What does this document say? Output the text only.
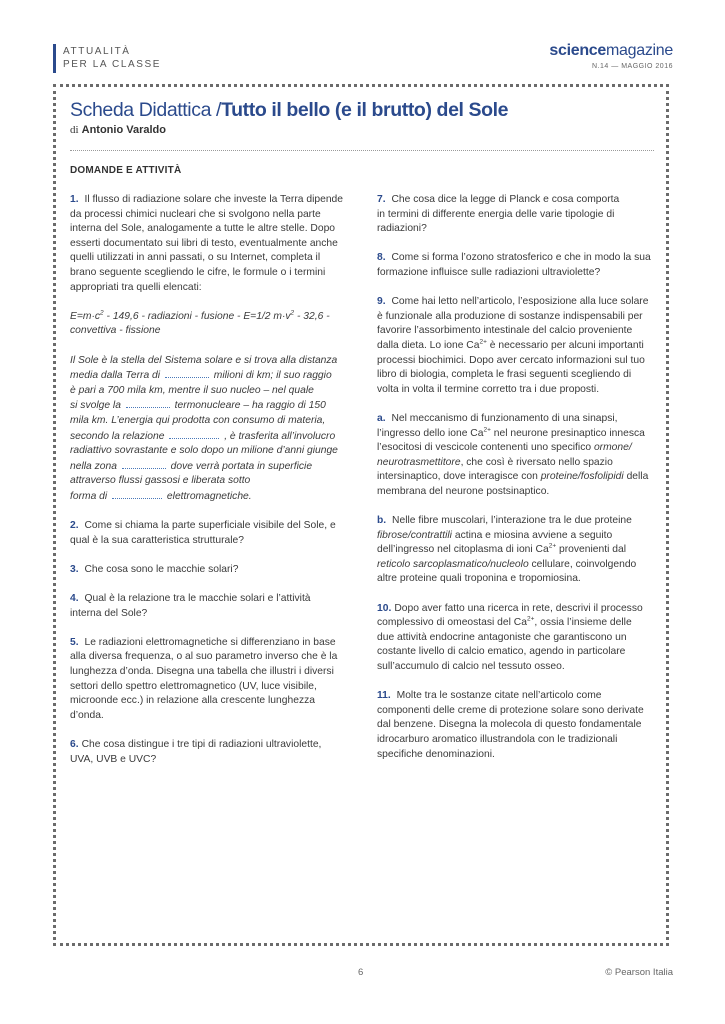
ATTUALITÀ
PER LA CLASSE
sciencemagazine
N.14 — MAGGIO 2016
Scheda Didattica /Tutto il bello (e il brutto) del Sole
di Antonio Varaldo
DOMANDE E ATTIVITÀ

1. Il flusso di radiazione solare che investe la Terra dipende
da processi chimici nucleari che si svolgono nella parte
interna del Sole, analogamente a tutte le altre stelle. Dopo
esserti documentato sui libri di testo, eventualmente anche
quelli utilizzati in anni passati, o su Internet, completa il
brano seguente scegliendo le cifre, le formule o i termini
appropriati tra quelli elencati:

$E=m\cdot c^2 - 149,6$ - radiazioni - fusione - E=1/2 $m\cdot v^2 - 32,6$ -
convettiva - fissione

Il Sole è la stella del Sistema solare e si trova alla distanza
media dalla Terra di	milioni di km; il suo raggio
è pari a 700 mila km, mentre il suo nucleo – nel quale
si svolge la	termonucleare – ha raggio di 150
mila km. L’energia qui prodotta con consumo di materia,
secondo la relazione	, è trasferita all’involucro
radiattivo sovrastante e solo dopo un milione d’anni giunge
nella zona	dove verrà portata in superficie
attraverso flussi gassosi e liberata sotto
forma di	elettromagnetiche.

2. Come si chiama la parte superficiale visibile del Sole, e
qual è la sua caratteristica strutturale?

3. Che cosa sono le macchie solari?

4. Qual è la relazione tra le macchie solari e l’attività
interna del Sole?

5. Le radiazioni elettromagnetiche si differenziano in base
alla diversa frequenza, o al suo parametro inverso che è la
lunghezza d’onda. Disegna una tabella che illustri i diversi
settori dello spettro elettromagnetico (UV, luce visibile,
microonde ecc.) in relazione alla crescente lunghezza
d’onda.

6. Che cosa distingue i tre tipi di radiazioni ultraviolette,
UVA, UVB e UVC?

7. Che cosa dice la legge di Planck e cosa comporta
in termini di differente energia delle varie tipologie di
radiazioni?

8. Come si forma l’ozono stratosferico e che in modo la sua
formazione influisce sulle radiazioni ultraviolette?

9. Come hai letto nell’articolo, l’esposizione alla luce solare
è funzionale alla produzione di sostanze indispensabili per
favorire l’assorbimento intestinale del calcio proveniente
dalla dieta. Lo ione $Ca^{2+}$ è necessario per alcuni importanti
processi biochimici. Dopo aver cercato informazioni sul tuo
libro di biologia, completa le frasi seguenti scegliendo di
volta in volta il termine corretto tra i due proposti.

a. Nel meccanismo di funzionamento di una sinapsi,
l’ingresso dello ione $Ca^{2+}$ nel neurone presinaptico innesca
l’esocitosi di vescicole contenenti uno specifico ormone/
neurotrasmettitore, che così è riversato nello spazio
intersinaptico, dove interagisce con proteine/fosfolipidi della
membrana del neurone postsinaptico.

b. Nelle fibre muscolari, l’interazione tra le due proteine
fibrose/contrattili actina e miosina avviene a seguito
dell’ingresso nel citoplasma di ioni $Ca^{2+}$ provenienti dal
reticolo sarcoplasmatico/nucleolo cellulare, coinvolgendo
altre proteine quali troponina e tropomiosina.

10. Dopo aver fatto una ricerca in rete, descrivi il processo
complessivo di omeostasi del $Ca^{2+}$, ossia l’insieme delle
due attività endocrine antagoniste che garantiscono un
costante livello di calcio ematico, agendo in particolare
sull’accumulo di calcio nel tessuto osseo.

11. Molte tra le sostanze citate nell’articolo come
componenti delle creme di protezione solare sono derivate
dal benzene. Disegna la molecola di questo fondamentale
idrocarburo aromatico illustrandola con le tradizionali
specifiche denominazioni.

6	© Pearson Italia
